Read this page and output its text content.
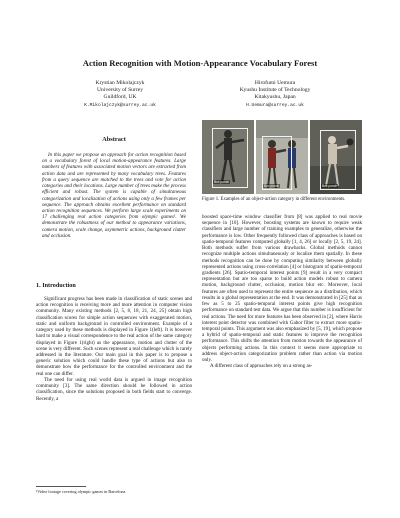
Action Recognition with Motion-Appearance Vocabulary Forest
Krystian Mikolajczyk
University of Surrey
Guildford, UK
K.Mikolajczyk@surrey.ac.uk
Hirofumi Uemura
Kyushu Institute of Technology
Kitakyushu, Japan
H.Uemura@surrey.ac.uk
Abstract
In this paper we propose an approach for action recognition based on a vocabulary forest of local motion-appearance features. Large numbers of features with associated motion vectors are extracted from action data and are represented by many vocabulary trees. Features from a query sequence are matched to the trees and vote for action categories and their locations. Large number of trees make the process efficient and robust. The system is capable of simultaneous categorization and localization of actions using only a few frames per sequence. The approach obtains excellent performance on standard action recognition sequences. We perform large scale experiments on 17 challenging real action categories from olympic games¹. We demonstrate the robustness of our method to appearance variations, camera motion, scale change, asymmetric actions, background clutter and occlusion.
1. Introduction

Significant progress has been made in classification of static scenes and action recognition is receiving more and more attention in computer vision community. Many existing methods [2, 5, 8, 18, 21, 24, 25] obtain high classification scores for simple action sequences with exaggerated motion, static and uniform background in controlled environment. Example of a category used by these methods is displayed in Figure 1(left). It is however hard to make a visual correspondence to the real action of the same category displayed in Figure 1(right) as the appearance, motion and clutter of the scene is very different. Such scenes represent a real challenge which is rarely addressed in the literature. Our main goal in this paper is to propose a generic solution which could handle these type of actions but also to demonstrate how the performance for the controlled environment and the real one can differ.

The need for using real world data is argued in image recognition community [3]. The same direction should be followed in action classification, since the solutions proposed in both fields start to converge. Recently, a

¹Video footage covering olympic games in Barcelona
Box punch
Box punch	Box punch
Figure 1. Examples of an object-action category in different environments.

boosted space-time window classifier from [8] was applied to real movie sequence in [10]. However, boosting systems are known to require weak classifiers and large number of training examples to generalize, otherwise the performance is low. Other frequently followed class of approaches is based on spatio-temporal features computed globally [1, 4, 26] or locally [2, 5, 19, 24]. Both methods suffer from various drawbacks. Global methods cannot recognize multiple actions simultaneously or localize them spatially. In these methods recognition can be done by computing similarity between globally represented actions using cross-correlation [4] or histogram of spatio-temporal gradients [26]. Spatio-temporal interest points [9] result in a very compact representation but are too sparse to build action models robust to camera motion, background clutter, occlusion, motion blur etc. Moreover, local features are often used to represent the entire sequence as a distribution, which results in a global representation at the end. It was demonstrated in [25] that as few as 5 to 25 spatio-temporal interest points give high recognition performance on standard test data. We argue that this number is insufficient for real actions. The need for more features has been observed in [2], where Harris interest point detector was combined with Gabor filter to extract more spatio-temporal points. This argument was also emphasized by [5, 19], which propose a hybrid of spatio-temporal and static features to improve the recognition performance. This shifts the attention from motion towards the appearance of objects performing actions. In this context it seems more appropriate to address object-action categorization problem rather than action via motion only.

A different class of approaches rely on a strong as-
